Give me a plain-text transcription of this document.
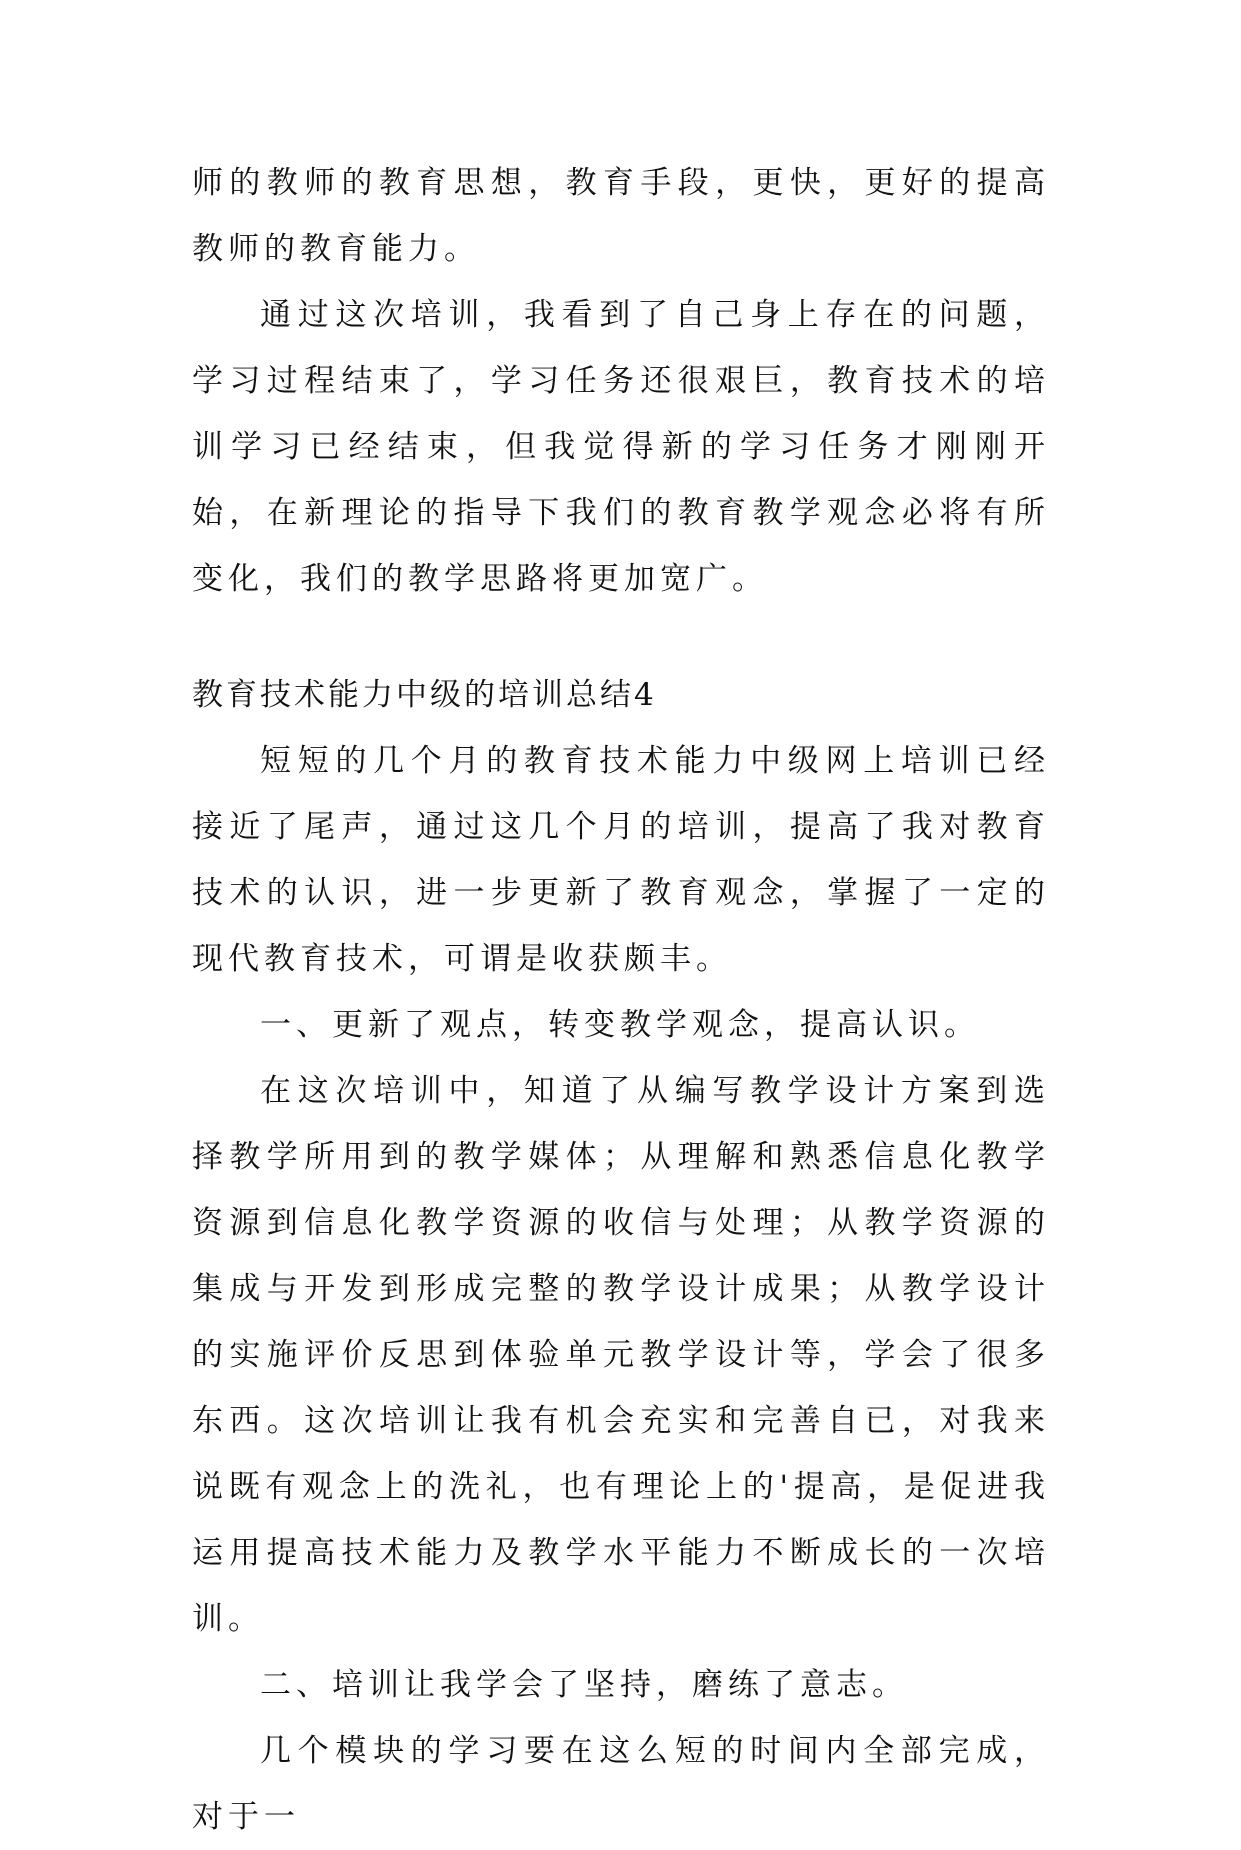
师的教师的教育思想，教育手段，更快，更好的提高教师的教育能力。

通过这次培训，我看到了自己身上存在的问题，学习过程结束了，学习任务还很艰巨，教育技术的培训学习已经结束，但我觉得新的学习任务才刚刚开始，在新理论的指导下我们的教育教学观念必将有所变化，我们的教学思路将更加宽广。

教育技术能力中级的培训总结4

短短的几个月的教育技术能力中级网上培训已经接近了尾声，通过这几个月的培训，提高了我对教育技术的认识，进一步更新了教育观念，掌握了一定的现代教育技术，可谓是收获颇丰。

一、更新了观点，转变教学观念，提高认识。

在这次培训中，知道了从编写教学设计方案到选择教学所用到的教学媒体；从理解和熟悉信息化教学资源到信息化教学资源的收信与处理；从教学资源的集成与开发到形成完整的教学设计成果；从教学设计的实施评价反思到体验单元教学设计等，学会了很多东西。这次培训让我有机会充实和完善自已，对我来说既有观念上的洗礼，也有理论上的'提高，是促进我运用提高技术能力及教学水平能力不断成长的一次培训。

二、培训让我学会了坚持，磨练了意志。

几个模块的学习要在这么短的时间内全部完成，对于一
